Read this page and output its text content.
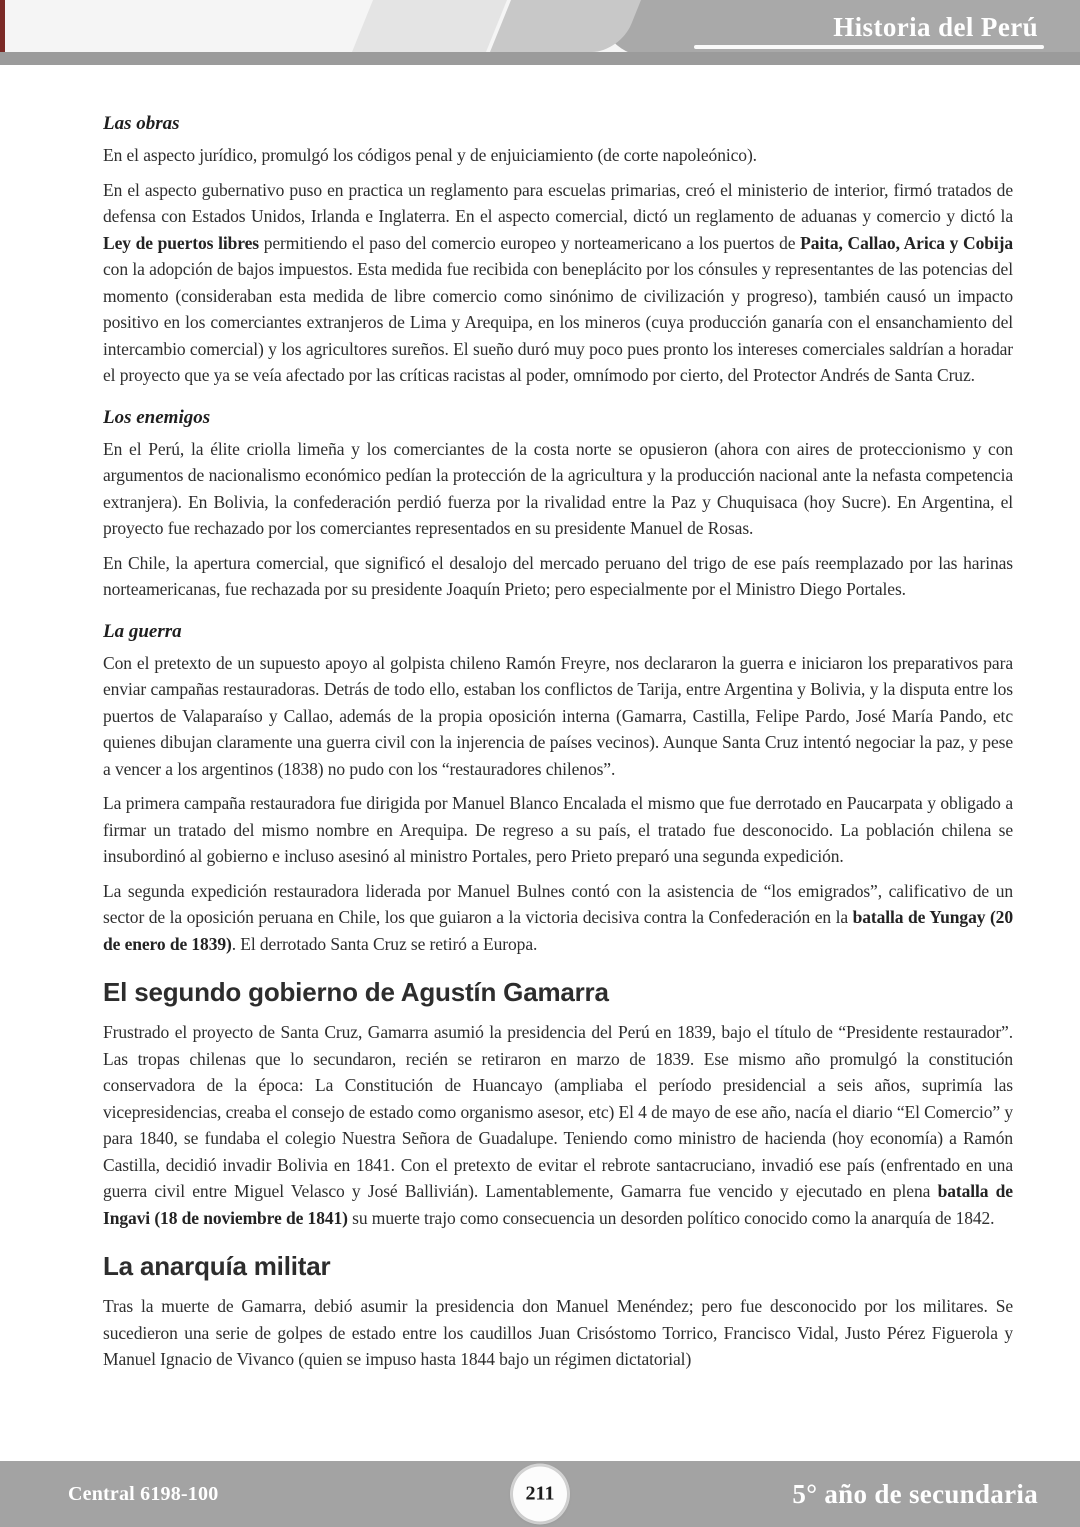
Historia del Perú
Las obras

En el aspecto jurídico, promulgó los códigos penal y de enjuiciamiento (de corte napoleónico).

En el aspecto gubernativo puso en practica un reglamento para escuelas primarias, creó el ministerio de interior, firmó tratados de defensa con Estados Unidos, Irlanda e Inglaterra. En el aspecto comercial, dictó un reglamento de aduanas y comercio y dictó la Ley de puertos libres permitiendo el paso del comercio europeo y norteamericano a los puertos de Paita, Callao, Arica y Cobija con la adopción de bajos impuestos. Esta medida fue recibida con beneplácito por los cónsules y representantes de las potencias del momento (consideraban esta medida de libre comercio como sinónimo de civilización y progreso), también causó un impacto positivo en los comerciantes extranjeros de Lima y Arequipa, en los mineros (cuya producción ganaría con el ensanchamiento del intercambio comercial) y los agricultores sureños. El sueño duró muy poco pues pronto los intereses comerciales saldrían a horadar el proyecto que ya se veía afectado por las críticas racistas al poder, omnímodo por cierto, del Protector Andrés de Santa Cruz.

Los enemigos

En el Perú, la élite criolla limeña y los comerciantes de la costa norte se opusieron (ahora con aires de proteccionismo y con argumentos de nacionalismo económico pedían la protección de la agricultura y la producción nacional ante la nefasta competencia extranjera). En Bolivia, la confederación perdió fuerza por la rivalidad entre la Paz y Chuquisaca (hoy Sucre). En Argentina, el proyecto fue rechazado por los comerciantes representados en su presidente Manuel de Rosas.

En Chile, la apertura comercial, que significó el desalojo del mercado peruano del trigo de ese país reemplazado por las harinas norteamericanas, fue rechazada por su presidente Joaquín Prieto; pero especialmente por el Ministro Diego Portales.

La guerra

Con el pretexto de un supuesto apoyo al golpista chileno Ramón Freyre, nos declararon la guerra e iniciaron los preparativos para enviar campañas restauradoras. Detrás de todo ello, estaban los conflictos de Tarija, entre Argentina y Bolivia, y la disputa entre los puertos de Valaparaíso y Callao, además de la propia oposición interna (Gamarra, Castilla, Felipe Pardo, José María Pando, etc quienes dibujan claramente una guerra civil con la injerencia de países vecinos). Aunque Santa Cruz intentó negociar la paz, y pese a vencer a los argentinos (1838) no pudo con los “restauradores chilenos”.

La primera campaña restauradora fue dirigida por Manuel Blanco Encalada el mismo que fue derrotado en Paucarpata y obligado a firmar un tratado del mismo nombre en Arequipa. De regreso a su país, el tratado fue desconocido. La población chilena se insubordinó al gobierno e incluso asesinó al ministro Portales, pero Prieto preparó una segunda expedición.

La segunda expedición restauradora liderada por Manuel Bulnes contó con la asistencia de “los emigrados”, calificativo de un sector de la oposición peruana en Chile, los que guiaron a la victoria decisiva contra la Confederación en la batalla de Yungay (20 de enero de 1839). El derrotado Santa Cruz se retiró a Europa.

El segundo gobierno de Agustín Gamarra

Frustrado el proyecto de Santa Cruz, Gamarra asumió la presidencia del Perú en 1839, bajo el título de “Presidente restaurador”. Las tropas chilenas que lo secundaron, recién se retiraron en marzo de 1839. Ese mismo año promulgó la constitución conservadora de la época: La Constitución de Huancayo (ampliaba el período presidencial a seis años, suprimía las vicepresidencias, creaba el consejo de estado como organismo asesor, etc) El 4 de mayo de ese año, nacía el diario “El Comercio” y para 1840, se fundaba el colegio Nuestra Señora de Guadalupe. Teniendo como ministro de hacienda (hoy economía) a Ramón Castilla, decidió invadir Bolivia en 1841. Con el pretexto de evitar el rebrote santacruciano, invadió ese país (enfrentado en una guerra civil entre Miguel Velasco y José Ballivián). Lamentablemente, Gamarra fue vencido y ejecutado en plena batalla de Ingavi (18 de noviembre de 1841) su muerte trajo como consecuencia un desorden político conocido como la anarquía de 1842.

La anarquía militar

Tras la muerte de Gamarra, debió asumir la presidencia don Manuel Menéndez; pero fue desconocido por los militares. Se sucedieron una serie de golpes de estado entre los caudillos Juan Crisóstomo Torrico, Francisco Vidal, Justo Pérez Figuerola y Manuel Ignacio de Vivanco (quien se impuso hasta 1844 bajo un régimen dictatorial)

Central 6198-100	211	5° año de secundaria
